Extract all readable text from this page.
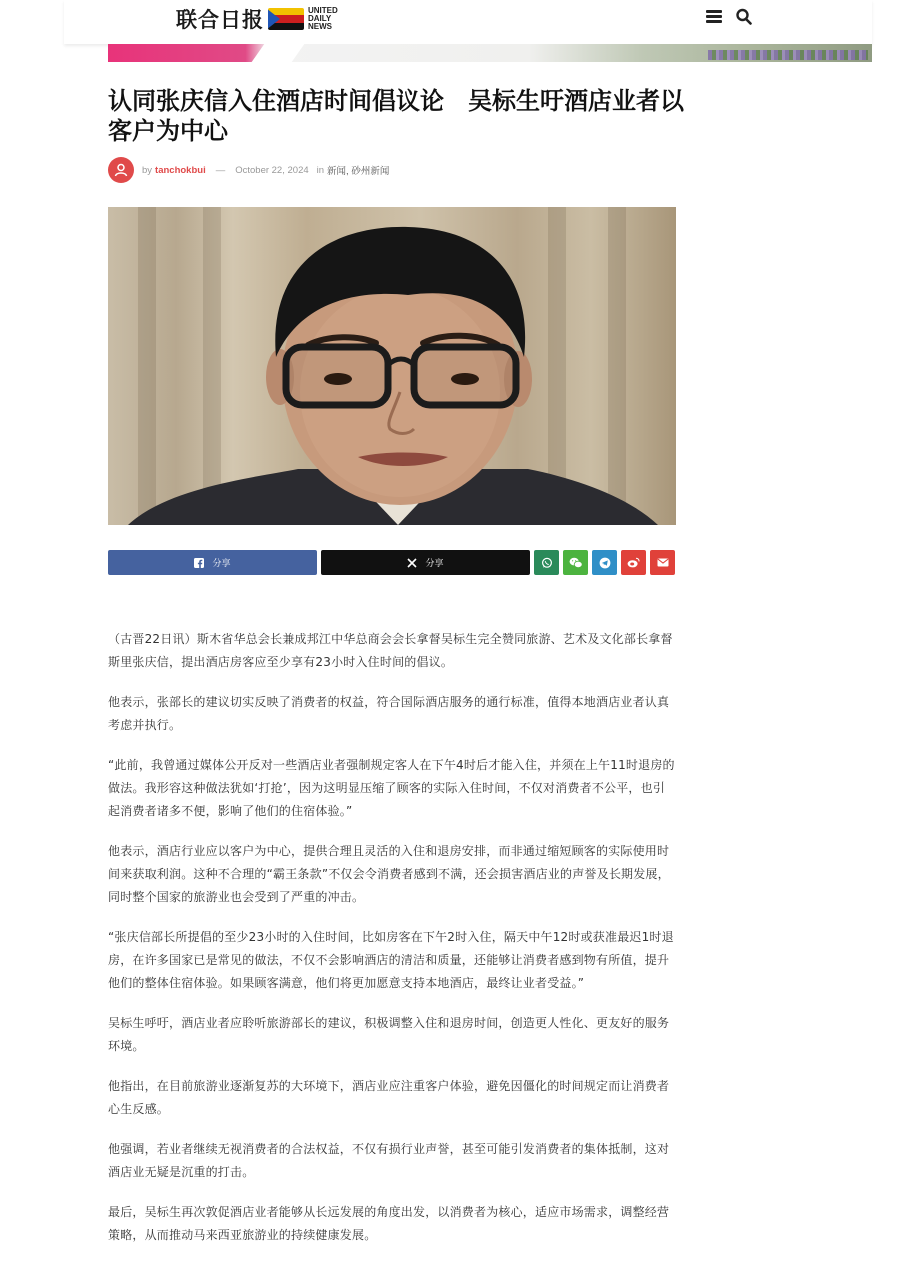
联合日报	UNITED
DAILY
NEWS
认同张庆信入住酒店时间倡议论　吴标生吁酒店业者以客户为中心
by tanchokbui — October 22, 2024 in 新闻, 砂州新闻
分享	分享

（古晋22日讯）斯木省华总会长兼成邦江中华总商会会长拿督吴标生完全赞同旅游、艺术及文化部长拿督斯里张庆信，提出酒店房客应至少享有23小时入住时间的倡议。

他表示，张部长的建议切实反映了消费者的权益，符合国际酒店服务的通行标准，值得本地酒店业者认真考虑并执行。

“此前，我曾通过媒体公开反对一些酒店业者强制规定客人在下午4时后才能入住，并须在上午11时退房的做法。我形容这种做法犹如‘打抢’，因为这明显压缩了顾客的实际入住时间，不仅对消费者不公平，也引起消费者诸多不便，影响了他们的住宿体验。”

他表示，酒店行业应以客户为中心，提供合理且灵活的入住和退房安排，而非通过缩短顾客的实际使用时间来获取利润。这种不合理的“霸王条款”不仅会令消费者感到不满，还会损害酒店业的声誉及长期发展，同时整个国家的旅游业也会受到了严重的冲击。

“张庆信部长所提倡的至少23小时的入住时间，比如房客在下午2时入住，隔天中午12时或获准最迟1时退房，在许多国家已是常见的做法，不仅不会影响酒店的清洁和质量，还能够让消费者感到物有所值，提升他们的整体住宿体验。如果顾客满意，他们将更加愿意支持本地酒店，最终让业者受益。”

吴标生呼吁，酒店业者应聆听旅游部长的建议，积极调整入住和退房时间，创造更人性化、更友好的服务环境。

他指出，在目前旅游业逐渐复苏的大环境下，酒店业应注重客户体验，避免因僵化的时间规定而让消费者心生反感。

他强调，若业者继续无视消费者的合法权益，不仅有损行业声誉，甚至可能引发消费者的集体抵制，这对酒店业无疑是沉重的打击。

最后，吴标生再次敦促酒店业者能够从长远发展的角度出发，以消费者为核心，适应市场需求，调整经营策略，从而推动马来西亚旅游业的持续健康发展。
